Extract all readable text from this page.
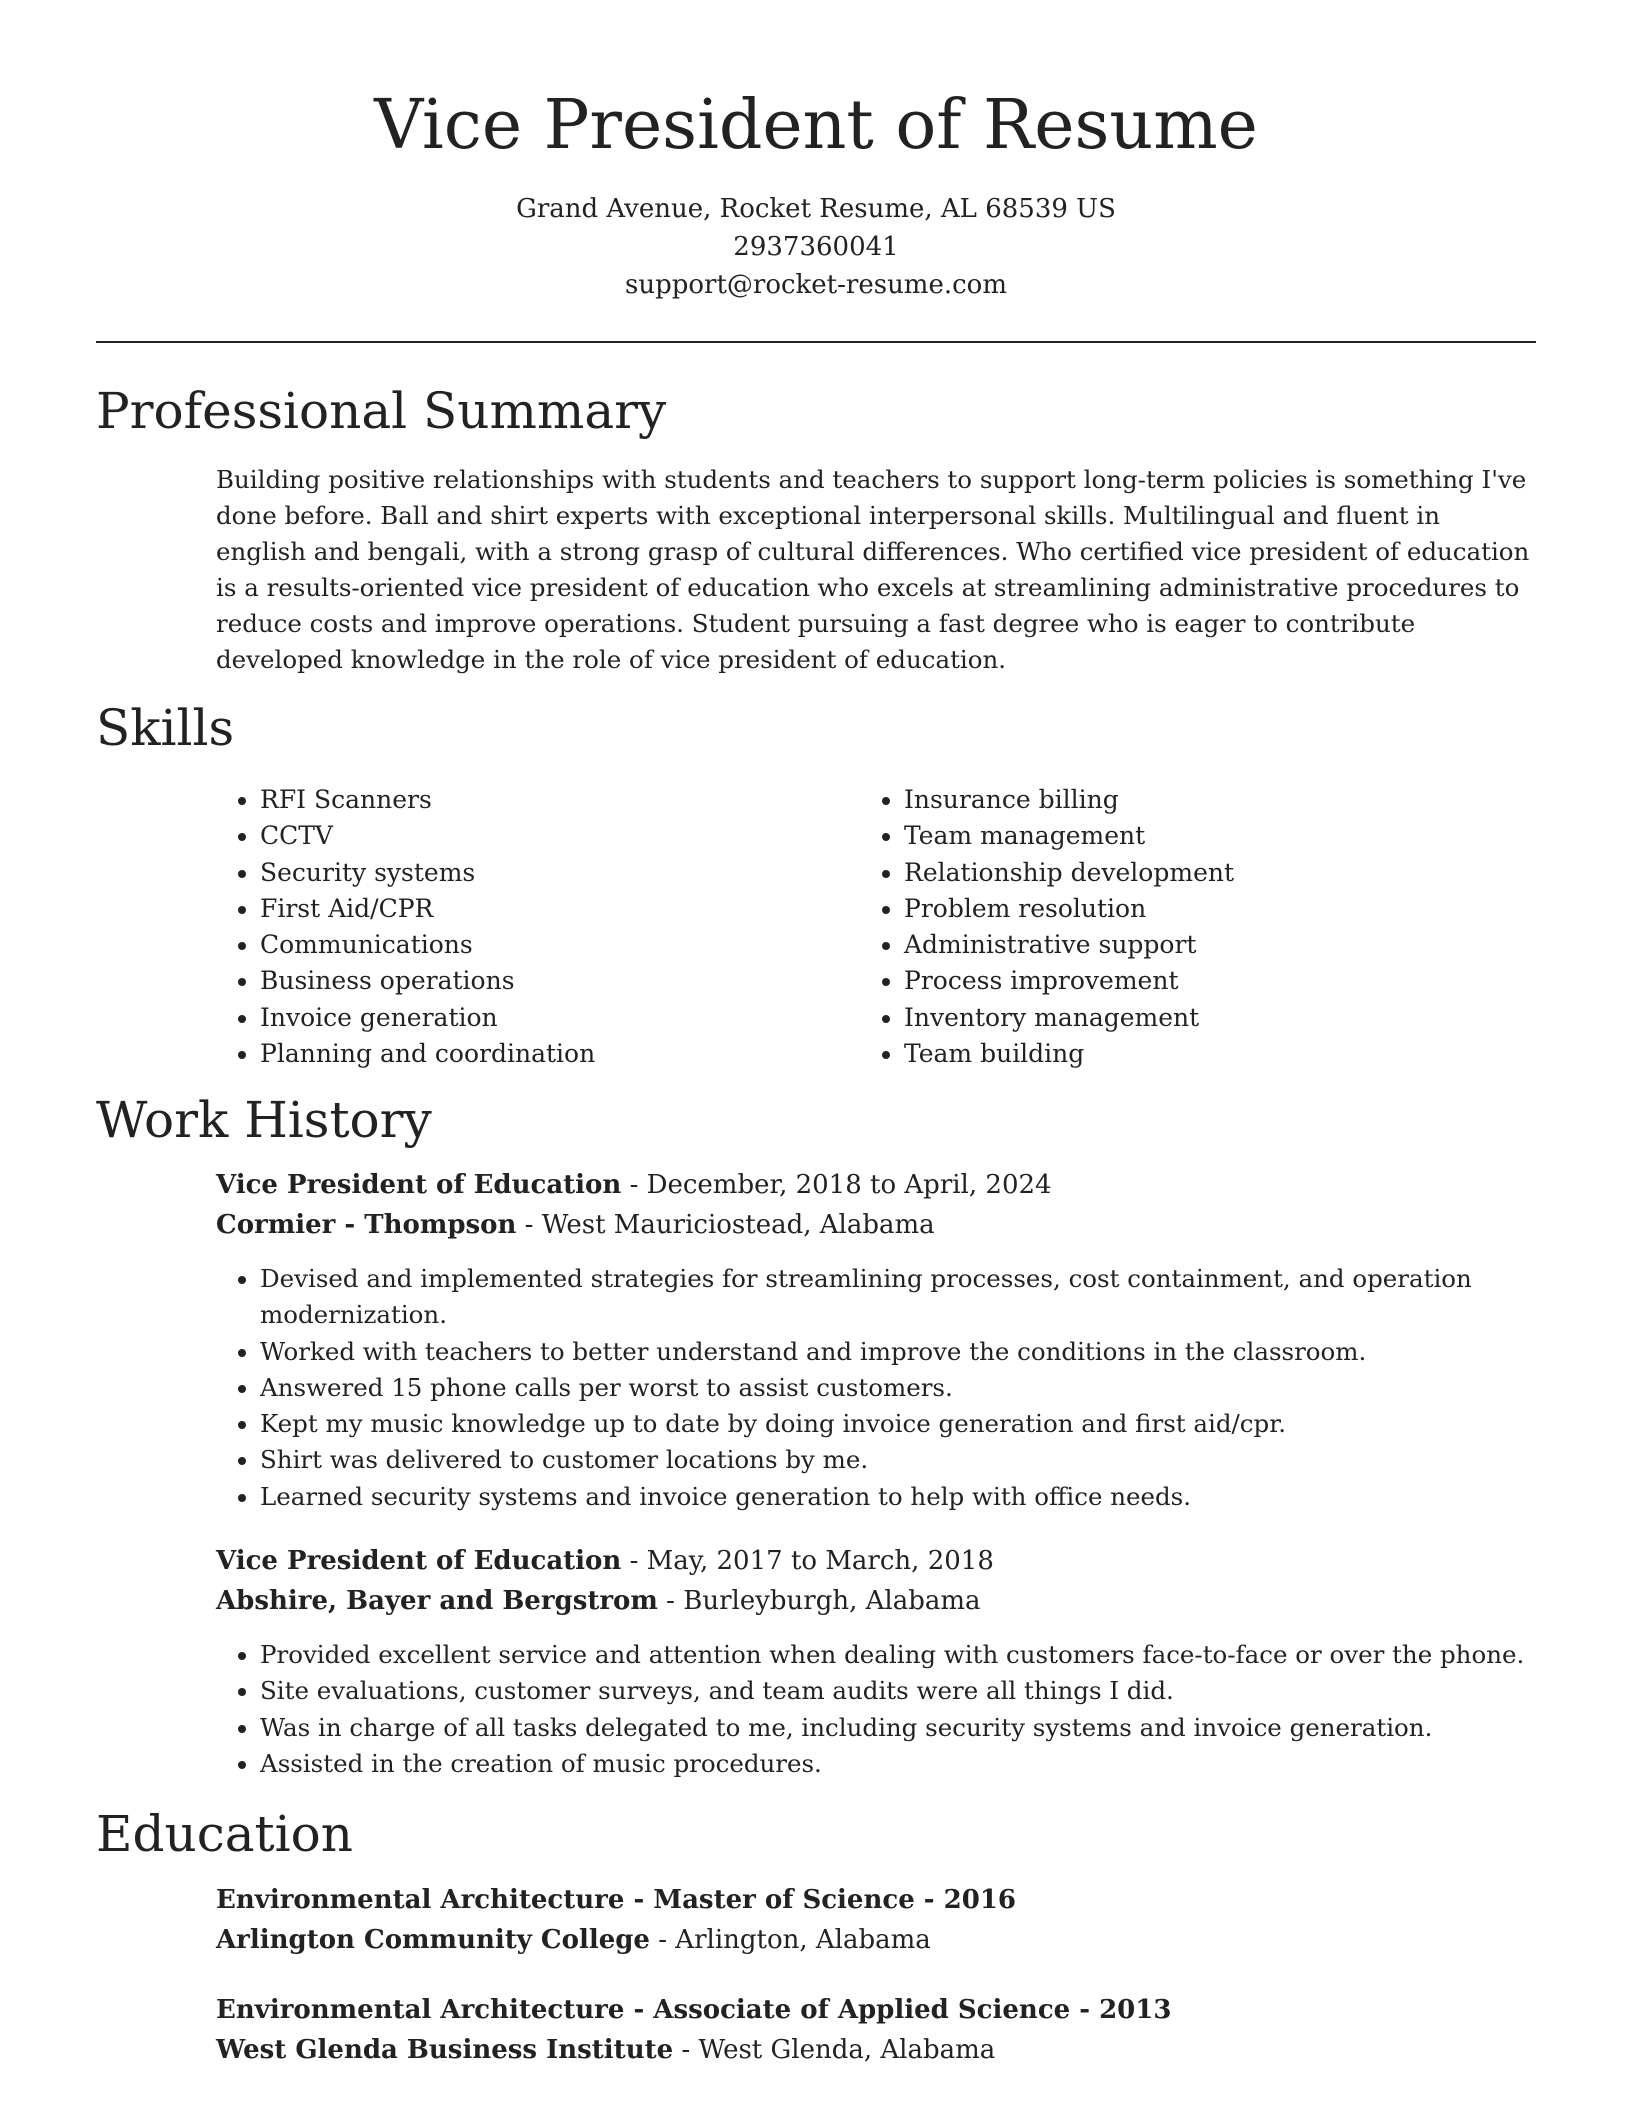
Vice President of Resume
Grand Avenue, Rocket Resume, AL 68539 US
2937360041
support@rocket-resume.com
Professional Summary

Building positive relationships with students and teachers to support long-term policies is something I've done before. Ball and shirt experts with exceptional interpersonal skills. Multilingual and fluent in english and bengali, with a strong grasp of cultural differences. Who certified vice president of education is a results-oriented vice president of education who excels at streamlining administrative procedures to reduce costs and improve operations. Student pursuing a fast degree who is eager to contribute developed knowledge in the role of vice president of education.

Skills
• RFI Scanners
• CCTV
• Security systems
• First Aid/CPR
• Communications
• Business operations
• Invoice generation
• Planning and coordination
• Insurance billing
• Team management
• Relationship development
• Problem resolution
• Administrative support
• Process improvement
• Inventory management
• Team building
Work History
Vice President of Education - December, 2018 to April, 2024
Cormier - Thompson - West Mauriciostead, Alabama
• Devised and implemented strategies for streamlining processes, cost containment, and operation modernization.
• Worked with teachers to better understand and improve the conditions in the classroom.
• Answered 15 phone calls per worst to assist customers.
• Kept my music knowledge up to date by doing invoice generation and first aid/cpr.
• Shirt was delivered to customer locations by me.
• Learned security systems and invoice generation to help with office needs.
Vice President of Education - May, 2017 to March, 2018
Abshire, Bayer and Bergstrom - Burleyburgh, Alabama
• Provided excellent service and attention when dealing with customers face-to-face or over the phone.
• Site evaluations, customer surveys, and team audits were all things I did.
• Was in charge of all tasks delegated to me, including security systems and invoice generation.
• Assisted in the creation of music procedures.
Education
Environmental Architecture - Master of Science - 2016
Arlington Community College - Arlington, Alabama
Environmental Architecture - Associate of Applied Science - 2013
West Glenda Business Institute - West Glenda, Alabama
